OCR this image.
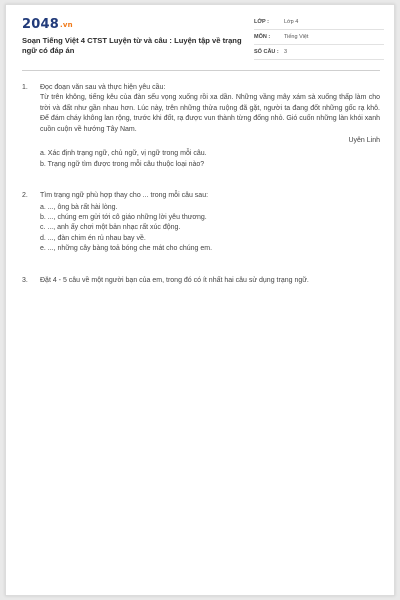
2048.vn
Soạn Tiếng Việt 4 CTST Luyện từ và câu : Luyện tập về trạng ngữ có đáp án
LỚP :	Lớp 4
MÔN :	Tiếng Việt
SỐ CÂU : 3
1.	Đọc đoạn văn sau và thực hiện yêu cầu:
Từ trên không, tiếng kêu của đàn sếu vọng xuống rồi xa dần. Những vầng mây xám sà xuống thấp làm cho trời và đất như gần nhau hơn. Lúc này, trên những thửa ruộng đã gặt, người ta đang đốt những gốc rạ khô. Để đám cháy không lan rộng, trước khi đốt, rạ được vun thành từng đống nhỏ. Gió cuốn những làn khói xanh cuồn cuộn về hướng Tây Nam.
Uyên Linh
a. Xác định trạng ngữ, chủ ngữ, vị ngữ trong mỗi câu.
b. Trạng ngữ tìm được trong mỗi câu thuộc loại nào?
2.	Tìm trạng ngữ phù hợp thay cho ... trong mỗi câu sau:
a. ..., ông bà rất hài lòng.
b. ..., chúng em gửi tới cô giáo những lời yêu thương.
c. ..., anh ấy chơi một bản nhạc rất xúc động.
d. ..., đàn chim én rủ nhau bay về.
e. ..., những cây bàng toả bóng che mát cho chúng em.
3.	Đặt 4 - 5 câu về một người bạn của em, trong đó có ít nhất hai câu sử dụng trạng ngữ.
